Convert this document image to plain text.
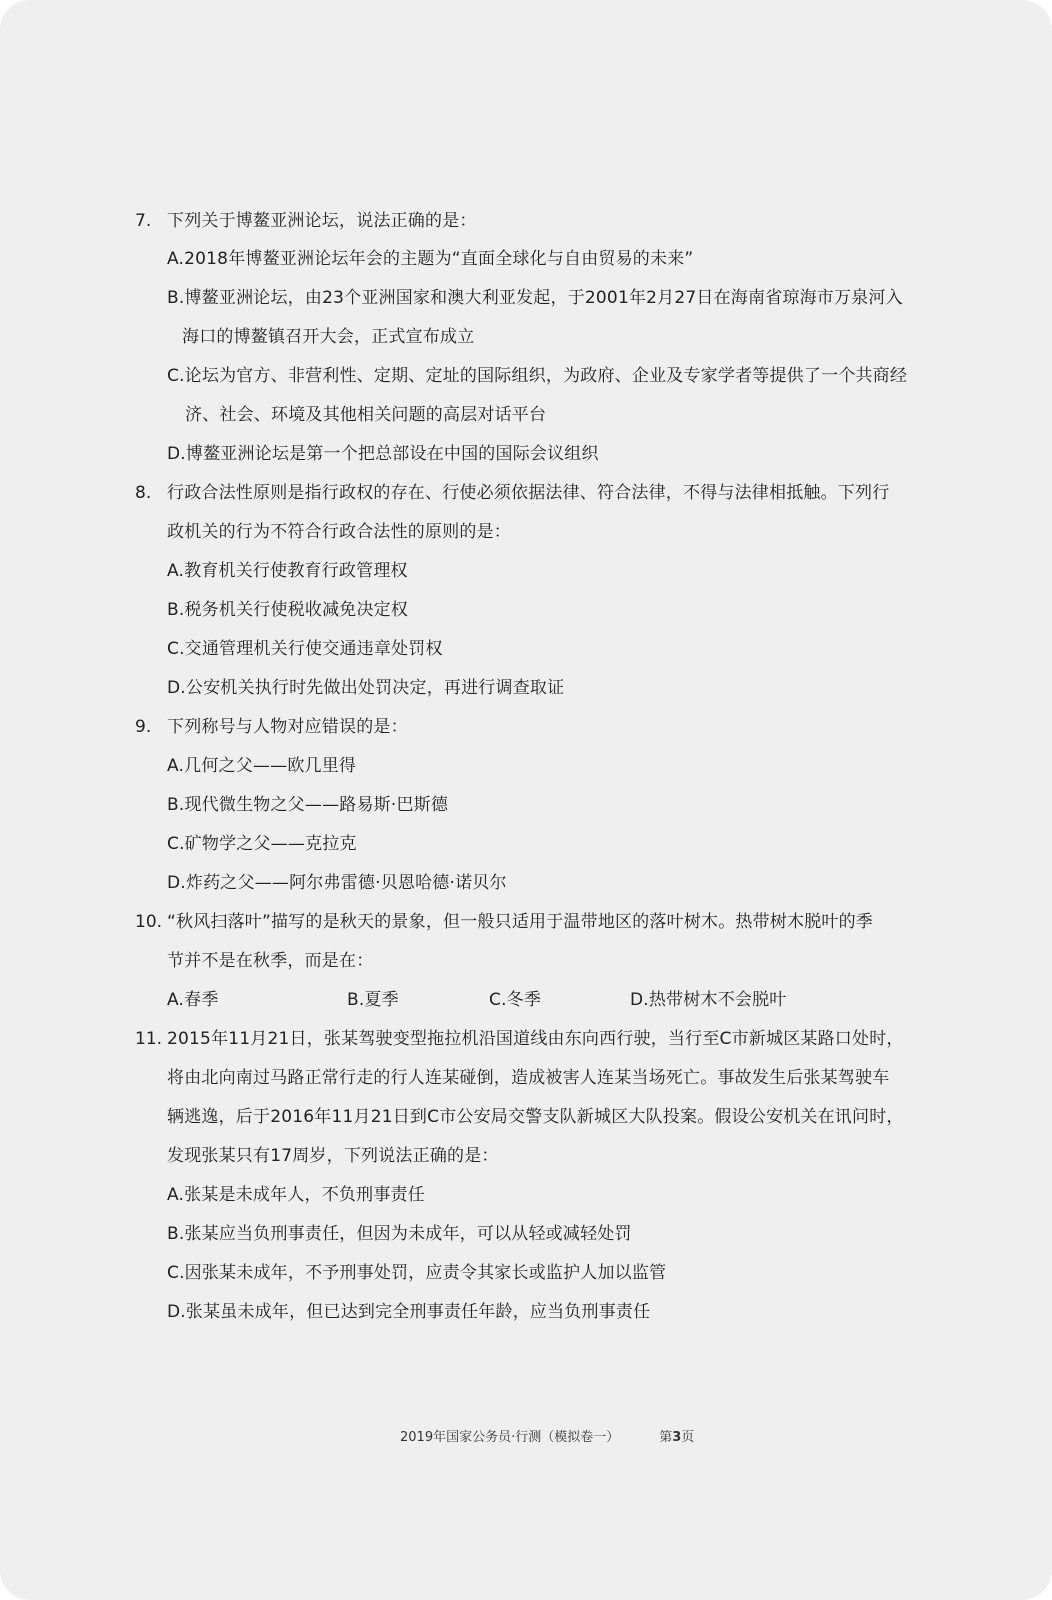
7. 下列关于博鳌亚洲论坛，说法正确的是：
A.2018年博鳌亚洲论坛年会的主题为“直面全球化与自由贸易的未来”
B.博鳌亚洲论坛，由23个亚洲国家和澳大利亚发起，于2001年2月27日在海南省琼海市万泉河入
海口的博鳌镇召开大会，正式宣布成立
C.论坛为官方、非营利性、定期、定址的国际组织，为政府、企业及专家学者等提供了一个共商经
济、社会、环境及其他相关问题的高层对话平台
D.博鳌亚洲论坛是第一个把总部设在中国的国际会议组织
8. 行政合法性原则是指行政权的存在、行使必须依据法律、符合法律，不得与法律相抵触。下列行
政机关的行为不符合行政合法性的原则的是：
A.教育机关行使教育行政管理权
B.税务机关行使税收减免决定权
C.交通管理机关行使交通违章处罚权
D.公安机关执行时先做出处罚决定，再进行调查取证
9. 下列称号与人物对应错误的是：
A.几何之父——欧几里得
B.现代微生物之父——路易斯·巴斯德
C.矿物学之父——克拉克
D.炸药之父——阿尔弗雷德·贝恩哈德·诺贝尔
10. “秋风扫落叶”描写的是秋天的景象，但一般只适用于温带地区的落叶树木。热带树木脱叶的季
节并不是在秋季，而是在：
A.春季	B.夏季	C.冬季	D.热带树木不会脱叶
11. 2015年11月21日，张某驾驶变型拖拉机沿国道线由东向西行驶，当行至C市新城区某路口处时，
将由北向南过马路正常行走的行人连某碰倒，造成被害人连某当场死亡。事故发生后张某驾驶车
辆逃逸，后于2016年11月21日到C市公安局交警支队新城区大队投案。假设公安机关在讯问时，
发现张某只有17周岁，下列说法正确的是：
A.张某是未成年人，不负刑事责任
B.张某应当负刑事责任，但因为未成年，可以从轻或减轻处罚
C.因张某未成年，不予刑事处罚，应责令其家长或监护人加以监管
D.张某虽未成年，但已达到完全刑事责任年龄，应当负刑事责任
2019年国家公务员·行测（模拟卷一）	第3页
